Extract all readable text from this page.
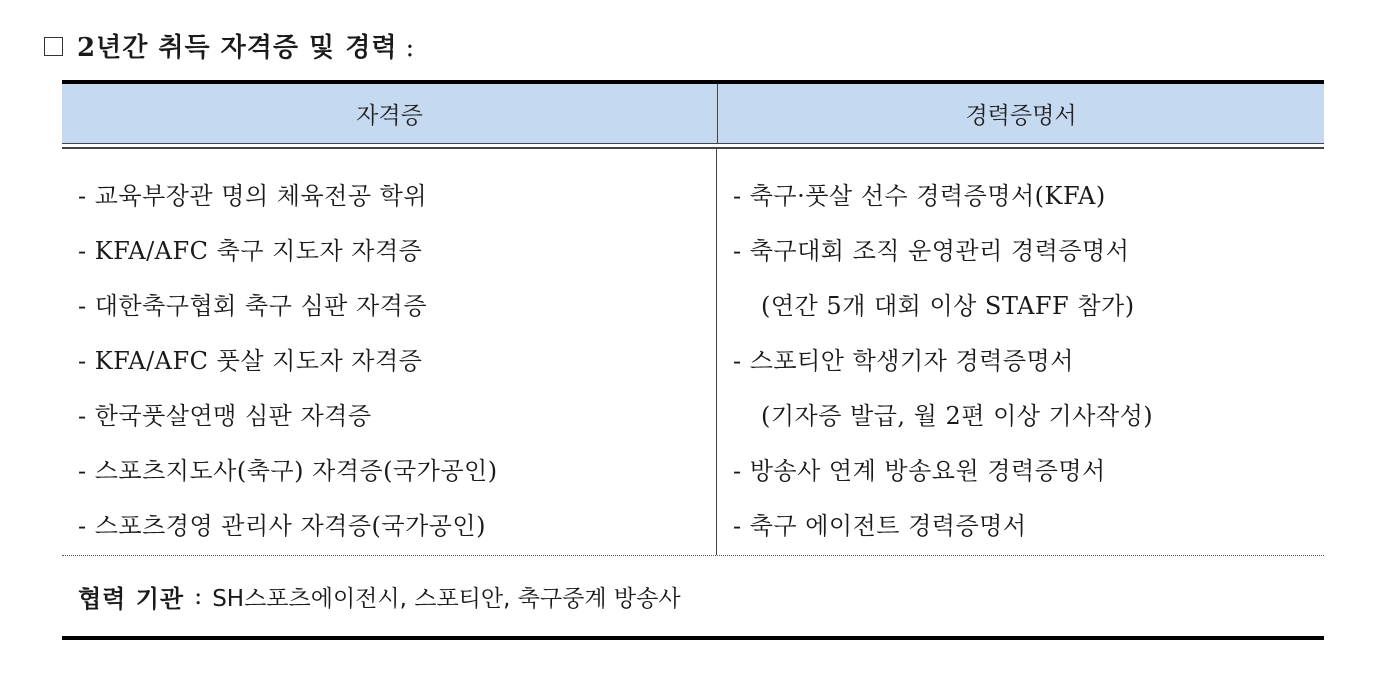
2년간 취득 자격증 및 경력 :
자격증	경력증명서
- 교육부장관 명의 체육전공 학위
- KFA/AFC 축구 지도자 자격증
- 대한축구협회 축구 심판 자격증
- KFA/AFC 풋살 지도자 자격증
- 한국풋살연맹 심판 자격증
- 스포츠지도사(축구) 자격증(국가공인)
- 스포츠경영 관리사 자격증(국가공인)
- 축구·풋살 선수 경력증명서(KFA)
- 축구대회 조직 운영관리 경력증명서
(연간 5개 대회 이상 STAFF 참가)
- 스포티안 학생기자 경력증명서
(기자증 발급, 월 2편 이상 기사작성)
- 방송사 연계 방송요원 경력증명서
- 축구 에이전트 경력증명서
협력 기관 : SH스포츠에이전시, 스포티안, 축구중계 방송사
